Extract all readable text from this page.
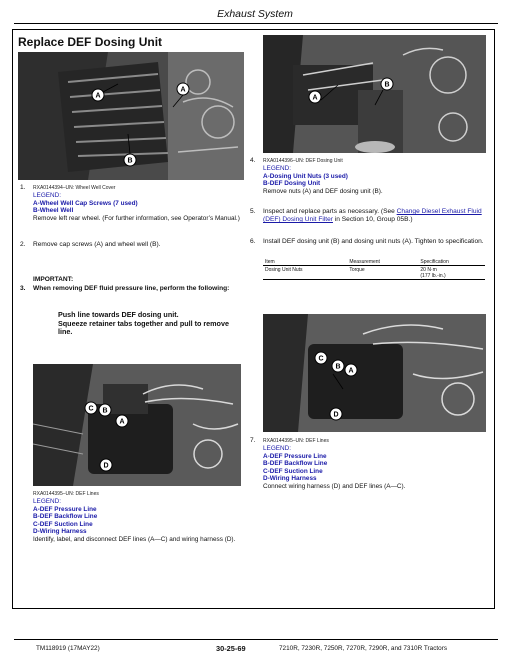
Exhaust System
Replace DEF Dosing Unit
A
A
B
1. RXA0144394–UN: Wheel Well Cover
LEGEND:
A-Wheel Well Cap Screws (7 used)
B-Wheel Well
Remove left rear wheel. (For further information, see Operator’s Manual.)
2. Remove cap screws (A) and wheel well (B).
IMPORTANT:
3. When removing DEF fluid pressure line, perform the following:
Push line towards DEF dosing unit.
Squeeze retainer tabs together and pull to remove line.
C B
A
D
RXA0144395–UN: DEF Lines
LEGEND:
A-DEF Pressure Line
B-DEF Backflow Line
C-DEF Suction Line
D-Wiring Harness
Identify, label, and disconnect DEF lines (A—C) and wiring harness (D).
A
B
4. RXA0144396–UN: DEF Dosing Unit
LEGEND:
A-Dosing Unit Nuts (3 used)
B-DEF Dosing Unit
Remove nuts (A) and DEF dosing unit (B).
5. Inspect and replace parts as necessary. (See Change Diesel Exhaust Fluid (DEF) Dosing Unit Filter in Section 10, Group 05B.)
6. Install DEF dosing unit (B) and dosing unit nuts (A). Tighten to specification.
Item	Measurement	Specification
Dosing Unit Nuts	Torque	20 N·m
(177 lb.-in.)
C
B
A
D
7. RXA0144395–UN: DEF Lines
LEGEND:
A-DEF Pressure Line
B-DEF Backflow Line
C-DEF Suction Line
D-Wiring Harness
Connect wiring harness (D) and DEF lines (A—C).
TM118919 (17MAY22)	30-25-69	7210R, 7230R, 7250R, 7270R, 7290R, and 7310R Tractors
